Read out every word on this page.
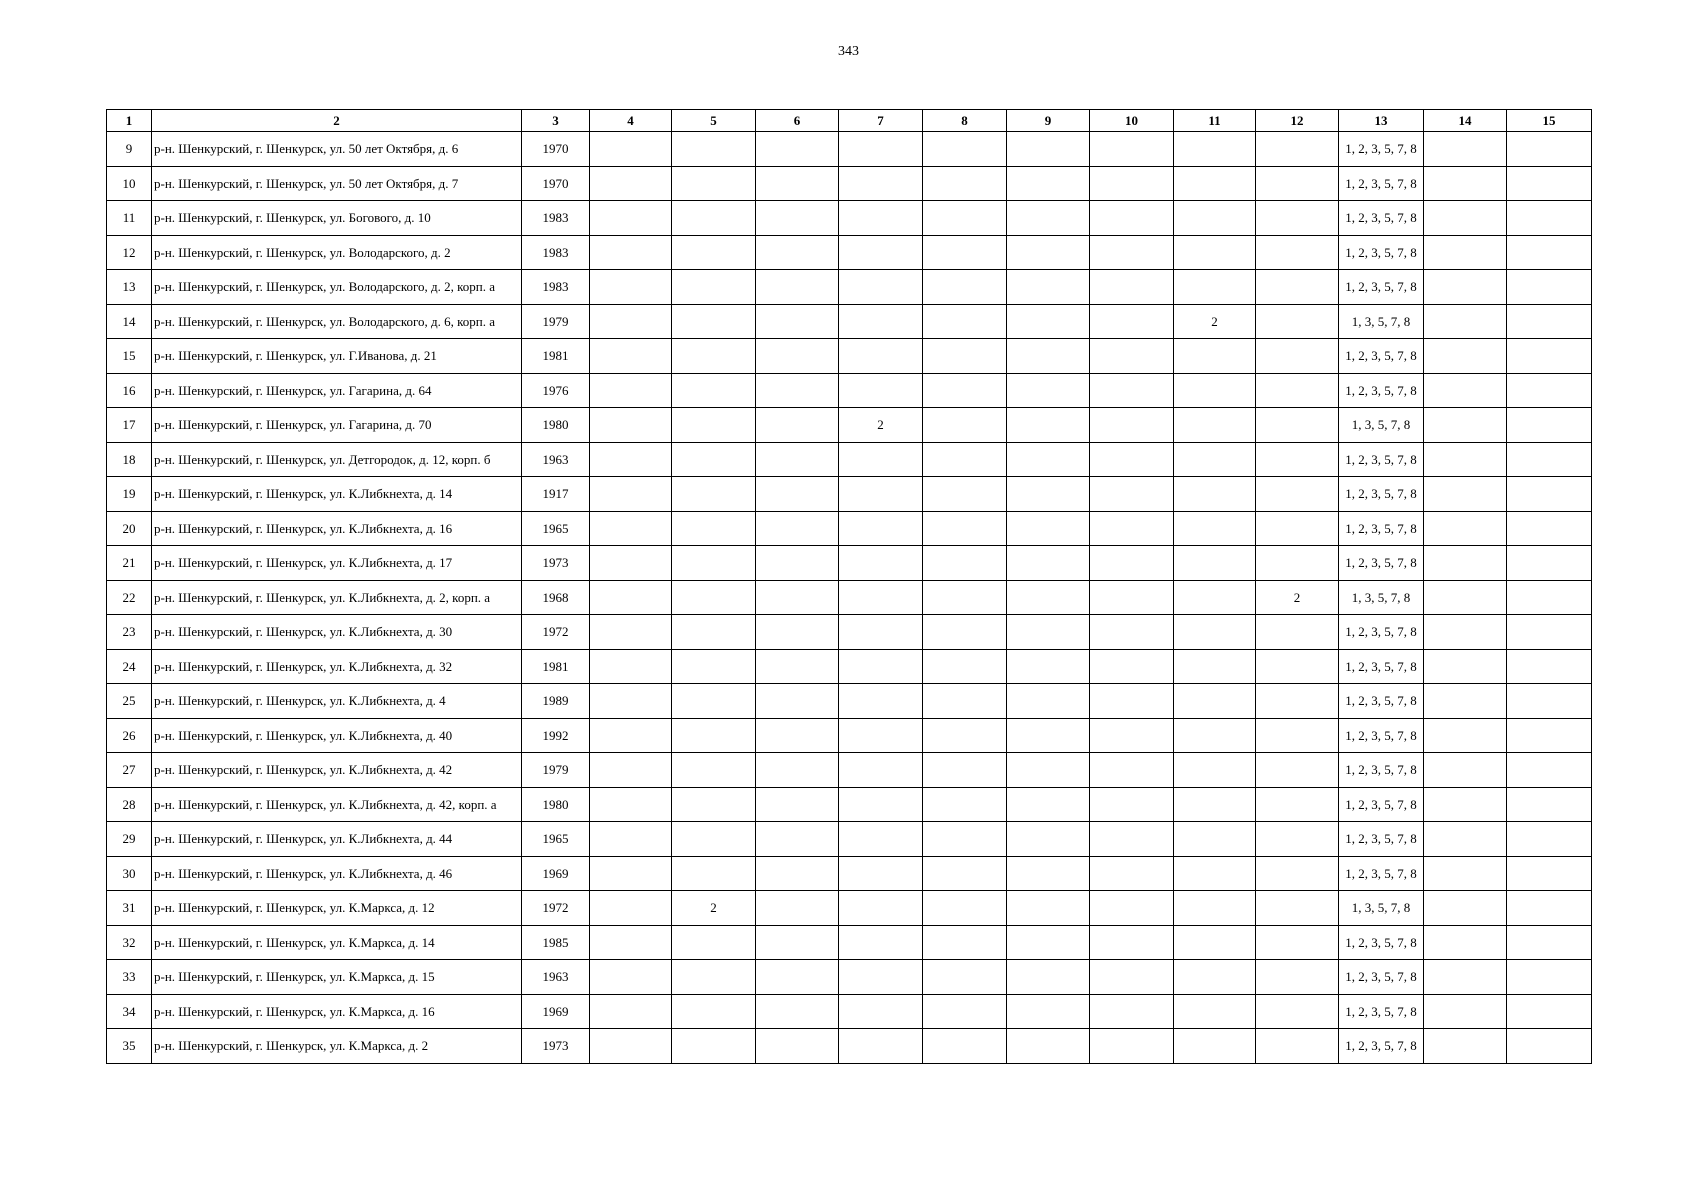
343
1	2	3	4	5	6	7	8	9	10	11	12	13	14	15
9	р-н. Шенкурский, г. Шенкурск, ул. 50 лет Октября, д. 6	1970										1, 2, 3, 5, 7, 8		
10	р-н. Шенкурский, г. Шенкурск, ул. 50 лет Октября, д. 7	1970										1, 2, 3, 5, 7, 8		
11	р-н. Шенкурский, г. Шенкурск, ул. Богового, д. 10	1983										1, 2, 3, 5, 7, 8		
12	р-н. Шенкурский, г. Шенкурск, ул. Володарского, д. 2	1983										1, 2, 3, 5, 7, 8		
13	р-н. Шенкурский, г. Шенкурск, ул. Володарского, д. 2, корп. а	1983										1, 2, 3, 5, 7, 8		
14	р-н. Шенкурский, г. Шенкурск, ул. Володарского, д. 6, корп. а	1979								2		1, 3, 5, 7, 8		
15	р-н. Шенкурский, г. Шенкурск, ул. Г.Иванова, д. 21	1981										1, 2, 3, 5, 7, 8		
16	р-н. Шенкурский, г. Шенкурск, ул. Гагарина, д. 64	1976										1, 2, 3, 5, 7, 8		
17	р-н. Шенкурский, г. Шенкурск, ул. Гагарина, д. 70	1980				2						1, 3, 5, 7, 8		
18	р-н. Шенкурский, г. Шенкурск, ул. Детгородок, д. 12, корп. б	1963										1, 2, 3, 5, 7, 8		
19	р-н. Шенкурский, г. Шенкурск, ул. К.Либкнехта, д. 14	1917										1, 2, 3, 5, 7, 8		
20	р-н. Шенкурский, г. Шенкурск, ул. К.Либкнехта, д. 16	1965										1, 2, 3, 5, 7, 8		
21	р-н. Шенкурский, г. Шенкурск, ул. К.Либкнехта, д. 17	1973										1, 2, 3, 5, 7, 8		
22	р-н. Шенкурский, г. Шенкурск, ул. К.Либкнехта, д. 2, корп. а	1968									2	1, 3, 5, 7, 8		
23	р-н. Шенкурский, г. Шенкурск, ул. К.Либкнехта, д. 30	1972										1, 2, 3, 5, 7, 8		
24	р-н. Шенкурский, г. Шенкурск, ул. К.Либкнехта, д. 32	1981										1, 2, 3, 5, 7, 8		
25	р-н. Шенкурский, г. Шенкурск, ул. К.Либкнехта, д. 4	1989										1, 2, 3, 5, 7, 8		
26	р-н. Шенкурский, г. Шенкурск, ул. К.Либкнехта, д. 40	1992										1, 2, 3, 5, 7, 8		
27	р-н. Шенкурский, г. Шенкурск, ул. К.Либкнехта, д. 42	1979										1, 2, 3, 5, 7, 8		
28	р-н. Шенкурский, г. Шенкурск, ул. К.Либкнехта, д. 42, корп. а	1980										1, 2, 3, 5, 7, 8		
29	р-н. Шенкурский, г. Шенкурск, ул. К.Либкнехта, д. 44	1965										1, 2, 3, 5, 7, 8		
30	р-н. Шенкурский, г. Шенкурск, ул. К.Либкнехта, д. 46	1969										1, 2, 3, 5, 7, 8		
31	р-н. Шенкурский, г. Шенкурск, ул. К.Маркса, д. 12	1972		2								1, 3, 5, 7, 8		
32	р-н. Шенкурский, г. Шенкурск, ул. К.Маркса, д. 14	1985										1, 2, 3, 5, 7, 8		
33	р-н. Шенкурский, г. Шенкурск, ул. К.Маркса, д. 15	1963										1, 2, 3, 5, 7, 8		
34	р-н. Шенкурский, г. Шенкурск, ул. К.Маркса, д. 16	1969										1, 2, 3, 5, 7, 8		
35	р-н. Шенкурский, г. Шенкурск, ул. К.Маркса, д. 2	1973										1, 2, 3, 5, 7, 8		
